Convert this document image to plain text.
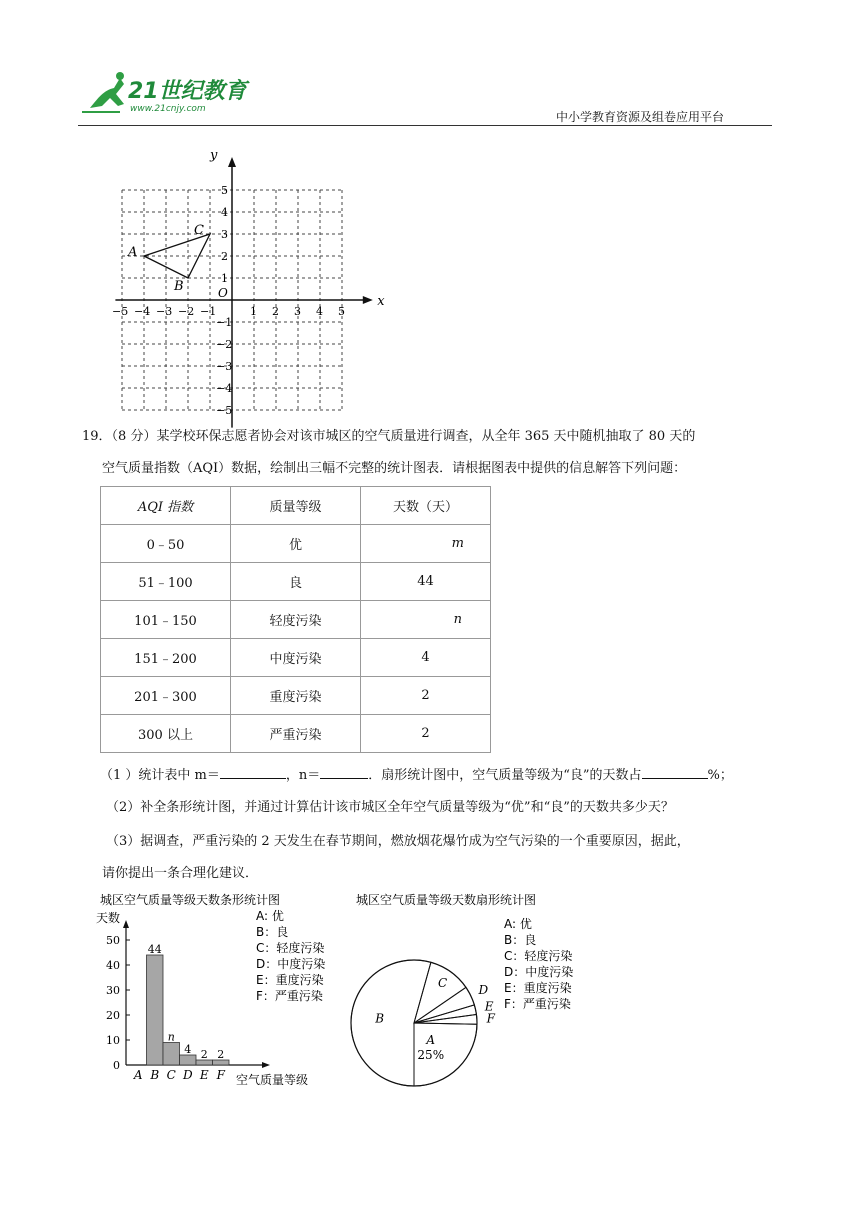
21世纪教育
www.21cnjy.com
中小学教育资源及组卷应用平台
y
x
O
−5 −4 −3 −2 −1	1 2 3 4 5
5
4
3
2
1
−1
−2
−3
−4
−5
A
B
C
19．（8 分）某学校环保志愿者协会对该市城区的空气质量进行调查，从全年 365 天中随机抽取了 80 天的
空气质量指数（AQI）数据，绘制出三幅不完整的统计图表．请根据图表中提供的信息解答下列问题：
AQI 指数	质量等级	天数（天）
0﹣50	优	m
51﹣100	良	44
101﹣150	轻度污染	n
151﹣200	中度污染	4
201﹣300	重度污染	2
300 以上	严重污染	2
（1 ）统计表中 m＝	，n＝	．扇形统计图中，空气质量等级为“良”的天数占	%；
（2）补全条形统计图，并通过计算估计该市城区全年空气质量等级为“优”和“良”的天数共多少天？
（3）据调查，严重污染的 2 天发生在春节期间，燃放烟花爆竹成为空气污染的一个重要原因，据此，
请你提出一条合理化建议．
城区空气质量等级天数条形统计图
天数
0
10
20
30
40
50
A B
44
C
n
D
4
E
2
F
2
空气质量等级
A: 优
B：良
C：轻度污染
D：中度污染
E：重度污染
F：严重污染
城区空气质量等级天数扇形统计图
A
B
C	D
E
F
25%
A: 优
B：良
C：轻度污染
D：中度污染
E：重度污染
F：严重污染
